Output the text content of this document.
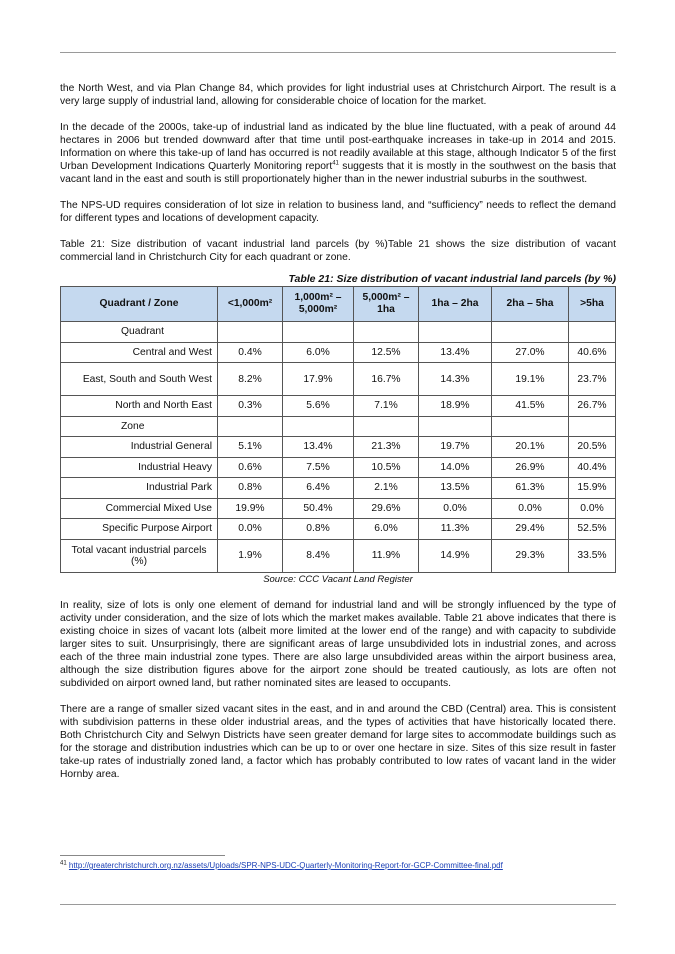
the North West, and via Plan Change 84, which provides for light industrial uses at Christchurch Airport. The result is a very large supply of industrial land, allowing for considerable choice of location for the market.

In the decade of the 2000s, take-up of industrial land as indicated by the blue line fluctuated, with a peak of around 44 hectares in 2006 but trended downward after that time until post-earthquake increases in take-up in 2014 and 2015. Information on where this take-up of land has occurred is not readily available at this stage, although Indicator 5 of the first Urban Development Indications Quarterly Monitoring report$^{41}$ suggests that it is mostly in the southwest on the basis that vacant land in the east and south is still proportionately higher than in the newer industrial suburbs in the southwest.

The NPS-UD requires consideration of lot size in relation to business land, and “sufficiency” needs to reflect the demand for different types and locations of development capacity.

Table 21: Size distribution of vacant industrial land parcels (by %)Table 21 shows the size distribution of vacant commercial land in Christchurch City for each quadrant or zone.

Table 21: Size distribution of vacant industrial land parcels (by %)
Quadrant / Zone	<1,000m²	1,000m² – 5,000m²	5,000m² – 1ha	1ha – 2ha	2ha – 5ha	>5ha
Quadrant						
Central and West	0.4%	6.0%	12.5%	13.4%	27.0%	40.6%
East, South and South West	8.2%	17.9%	16.7%	14.3%	19.1%	23.7%
North and North East	0.3%	5.6%	7.1%	18.9%	41.5%	26.7%
Zone						
Industrial General	5.1%	13.4%	21.3%	19.7%	20.1%	20.5%
Industrial Heavy	0.6%	7.5%	10.5%	14.0%	26.9%	40.4%
Industrial Park	0.8%	6.4%	2.1%	13.5%	61.3%	15.9%
Commercial Mixed Use	19.9%	50.4%	29.6%	0.0%	0.0%	0.0%
Specific Purpose Airport	0.0%	0.8%	6.0%	11.3%	29.4%	52.5%
Total vacant industrial parcels (%)	1.9%	8.4%	11.9%	14.9%	29.3%	33.5%
Source: CCC Vacant Land Register

In reality, size of lots is only one element of demand for industrial land and will be strongly influenced by the type of activity under consideration, and the size of lots which the market makes available. Table 21 above indicates that there is existing choice in sizes of vacant lots (albeit more limited at the lower end of the range) and with capacity to subdivide larger sites to suit. Unsurprisingly, there are significant areas of large unsubdivided lots in industrial zones, and across each of the three main industrial zone types. There are also large unsubdivided areas within the airport business area, although the size distribution figures above for the airport zone should be treated cautiously, as lots are often not subdivided on airport owned land, but rather nominated sites are leased to occupants.

There are a range of smaller sized vacant sites in the east, and in and around the CBD (Central) area. This is consistent with subdivision patterns in these older industrial areas, and the types of activities that have historically located there. Both Christchurch City and Selwyn Districts have seen greater demand for large sites to accommodate buildings such as for the storage and distribution industries which can be up to or over one hectare in size. Sites of this size result in faster take-up rates of industrially zoned land, a factor which has probably contributed to low rates of vacant land in the wider Hornby area.

$^{41}$ http://greaterchristchurch.org.nz/assets/Uploads/SPR-NPS-UDC-Quarterly-Monitoring-Report-for-GCP-Committee-final.pdf
